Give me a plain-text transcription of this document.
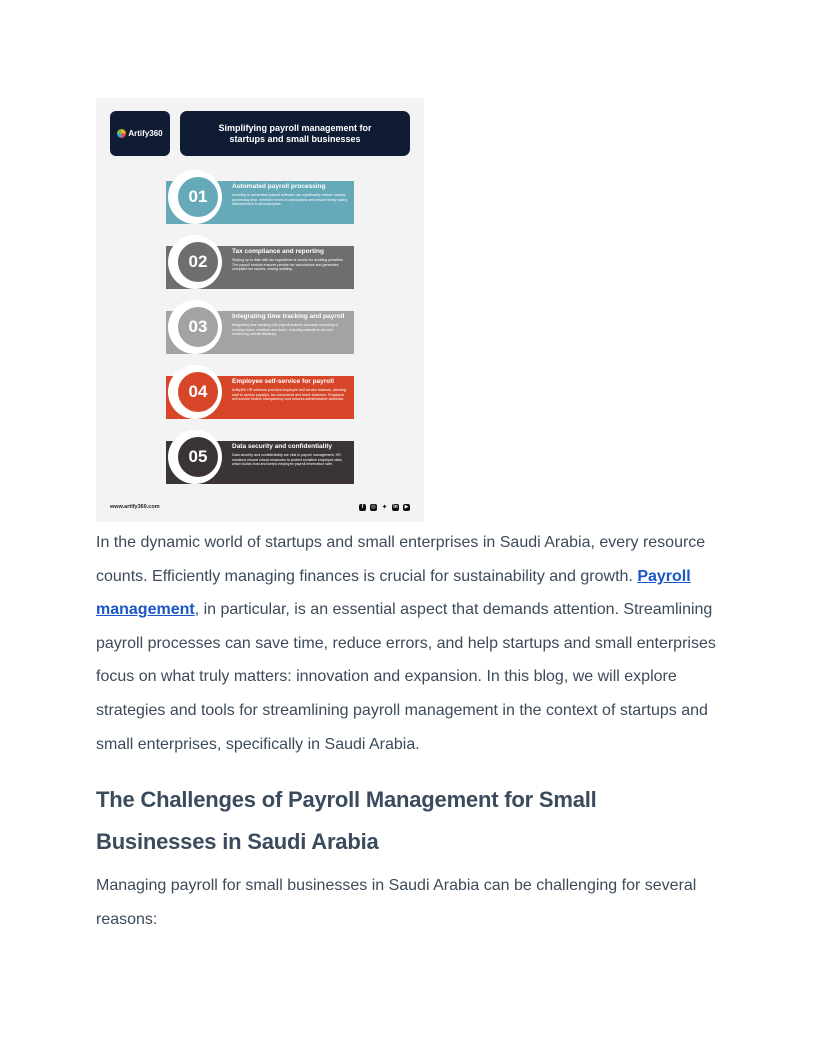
Artify360
Simplifying payroll management for startups and small businesses
01
Automated payroll processing
Investing in automated payroll software can significantly reduce manual processing time, minimize errors in calculations and ensure timely salary disbursement to all employees.
02
Tax compliance and reporting
Staying up to date with tax regulations is crucial for avoiding penalties. The payroll module ensures precise tax calculations and generates compliant tax reports, easing auditing.
03
Integrating time tracking and payroll
Integrating time tracking with payroll ensures accurate recording of working hours, overtime and leave, reducing manual errors and enhancing overall efficiency.
04
Employee self-service for payroll
Artify360 HR software provides employee self service features, allowing staff to access payslips, tax documents and leave balances. Employee self-service fosters transparency and reduces administrative workload.
05
Data security and confidentiality
Data security and confidentiality are vital in payroll management. HR solutions ensure robust measures to protect sensitive employee data, which builds trust and keeps employee payroll information safe.
www.artify360.com	f	◎ ✦ in	▶

In the dynamic world of startups and small enterprises in Saudi Arabia, every resource counts. Efficiently managing finances is crucial for sustainability and growth. Payroll management, in particular, is an essential aspect that demands attention. Streamlining payroll processes can save time, reduce errors, and help startups and small enterprises focus on what truly matters: innovation and expansion. In this blog, we will explore strategies and tools for streamlining payroll management in the context of startups and small enterprises, specifically in Saudi Arabia.

The Challenges of Payroll Management for Small Businesses in Saudi Arabia

Managing payroll for small businesses in Saudi Arabia can be challenging for several reasons:
